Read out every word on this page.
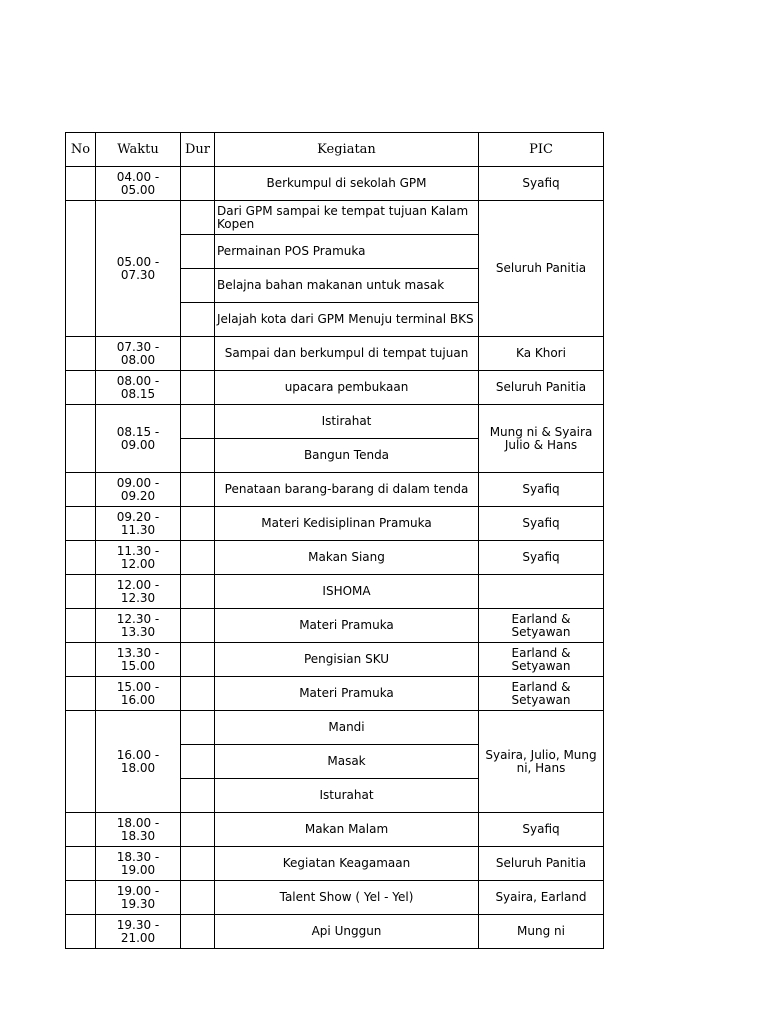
No	Waktu	Dur	Kegiatan	PIC
	04.00 - 05.00		Berkumpul di sekolah GPM	Syafiq
	05.00 - 07.30		Dari GPM sampai ke tempat tujuan Kalam Kopen	Seluruh Panitia
			Permainan POS Pramuka	
			Belajna bahan makanan untuk masak	
			Jelajah kota dari GPM Menuju terminal BKS	
	07.30 - 08.00		Sampai dan berkumpul di tempat tujuan	Ka Khori
	08.00 - 08.15		upacara pembukaan	Seluruh Panitia
	08.15 - 09.00		Istirahat	Mung ni & Syaira Julio & Hans
			Bangun Tenda	
	09.00 - 09.20		Penataan barang-barang di dalam tenda	Syafiq
	09.20 - 11.30		Materi Kedisiplinan Pramuka	Syafiq
	11.30 - 12.00		Makan Siang	Syafiq
	12.00 - 12.30		ISHOMA	
	12.30 - 13.30		Materi Pramuka	Earland & Setyawan
	13.30 - 15.00		Pengisian SKU	Earland & Setyawan
	15.00 - 16.00		Materi Pramuka	Earland & Setyawan
	16.00 - 18.00		Mandi	Syaira, Julio, Mung ni, Hans
			Masak	
			Isturahat	
	18.00 - 18.30		Makan Malam	Syafiq
	18.30 - 19.00		Kegiatan Keagamaan	Seluruh Panitia
	19.00 - 19.30		Talent Show ( Yel - Yel)	Syaira, Earland
	19.30 - 21.00		Api Unggun	Mung ni
